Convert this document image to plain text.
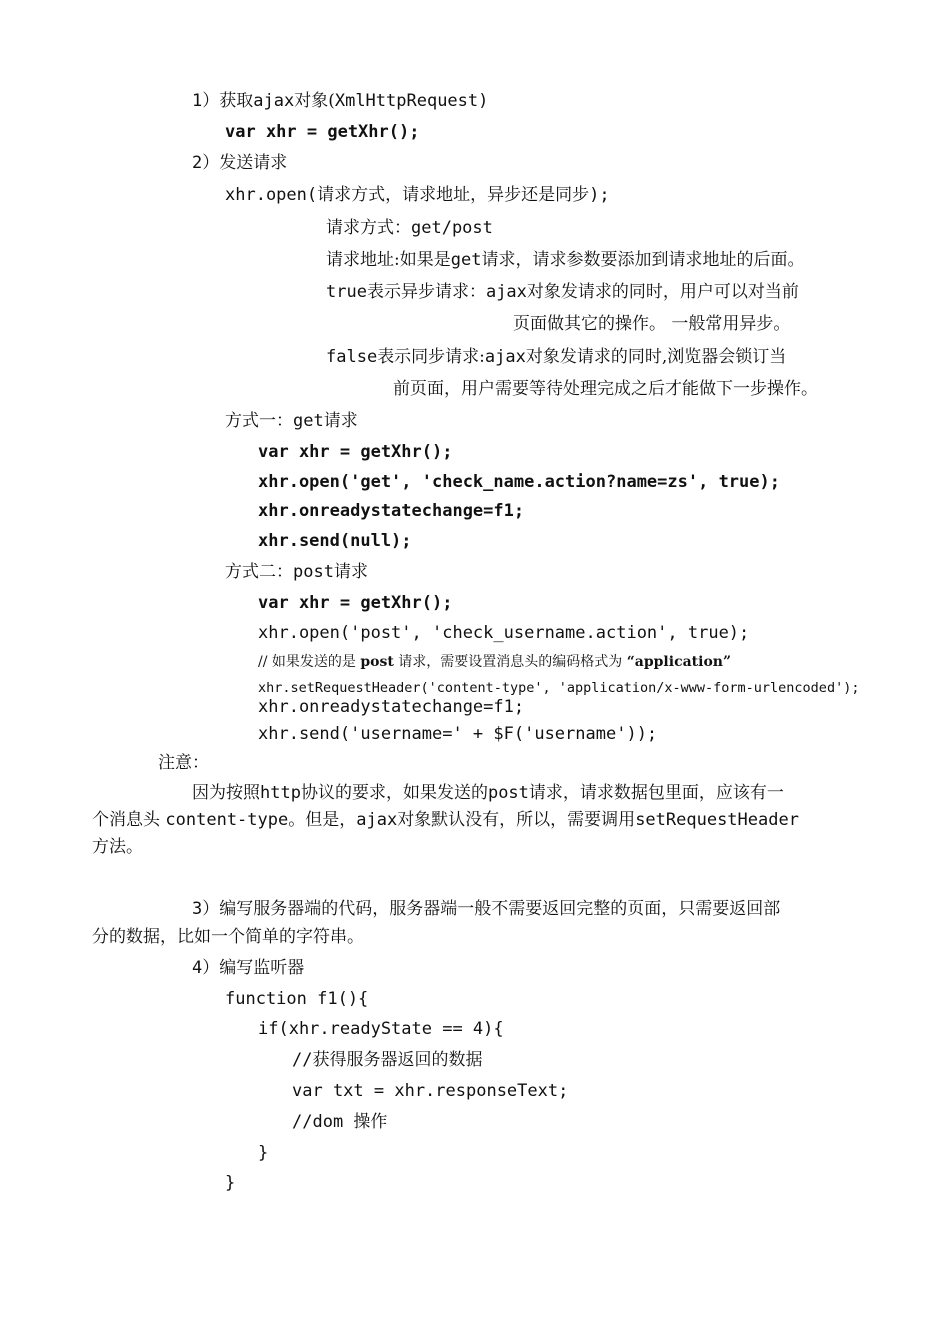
1）获取ajax对象(XmlHttpRequest)
var xhr = getXhr();
2）发送请求
xhr.open(请求方式，请求地址，异步还是同步);
请求方式：get/post
请求地址:如果是get请求，请求参数要添加到请求地址的后面。
true表示异步请求：ajax对象发请求的同时，用户可以对当前
页面做其它的操作。 一般常用异步。
false表示同步请求:ajax对象发请求的同时,浏览器会锁订当
前页面，用户需要等待处理完成之后才能做下一步操作。
方式一：get请求
var xhr = getXhr();
xhr.open('get', 'check_name.action?name=zs', true);
xhr.onreadystatechange=f1;
xhr.send(null);
方式二：post请求
var xhr = getXhr();
xhr.open('post', 'check_username.action', true);
// 如果发送的是 post 请求，需要设置消息头的编码格式为 “application”
xhr.setRequestHeader('content-type', 'application/x-www-form-urlencoded');
xhr.onreadystatechange=f1;
xhr.send('username=' + $F('username'));
注意：
因为按照http协议的要求，如果发送的post请求，请求数据包里面，应该有一
个消息头 content-type。但是，ajax对象默认没有，所以，需要调用setRequestHeader
方法。
3）编写服务器端的代码，服务器端一般不需要返回完整的页面，只需要返回部
分的数据，比如一个简单的字符串。
4）编写监听器
function f1(){
if(xhr.readyState == 4){
//获得服务器返回的数据
var txt = xhr.responseText;
//dom 操作
}
}
